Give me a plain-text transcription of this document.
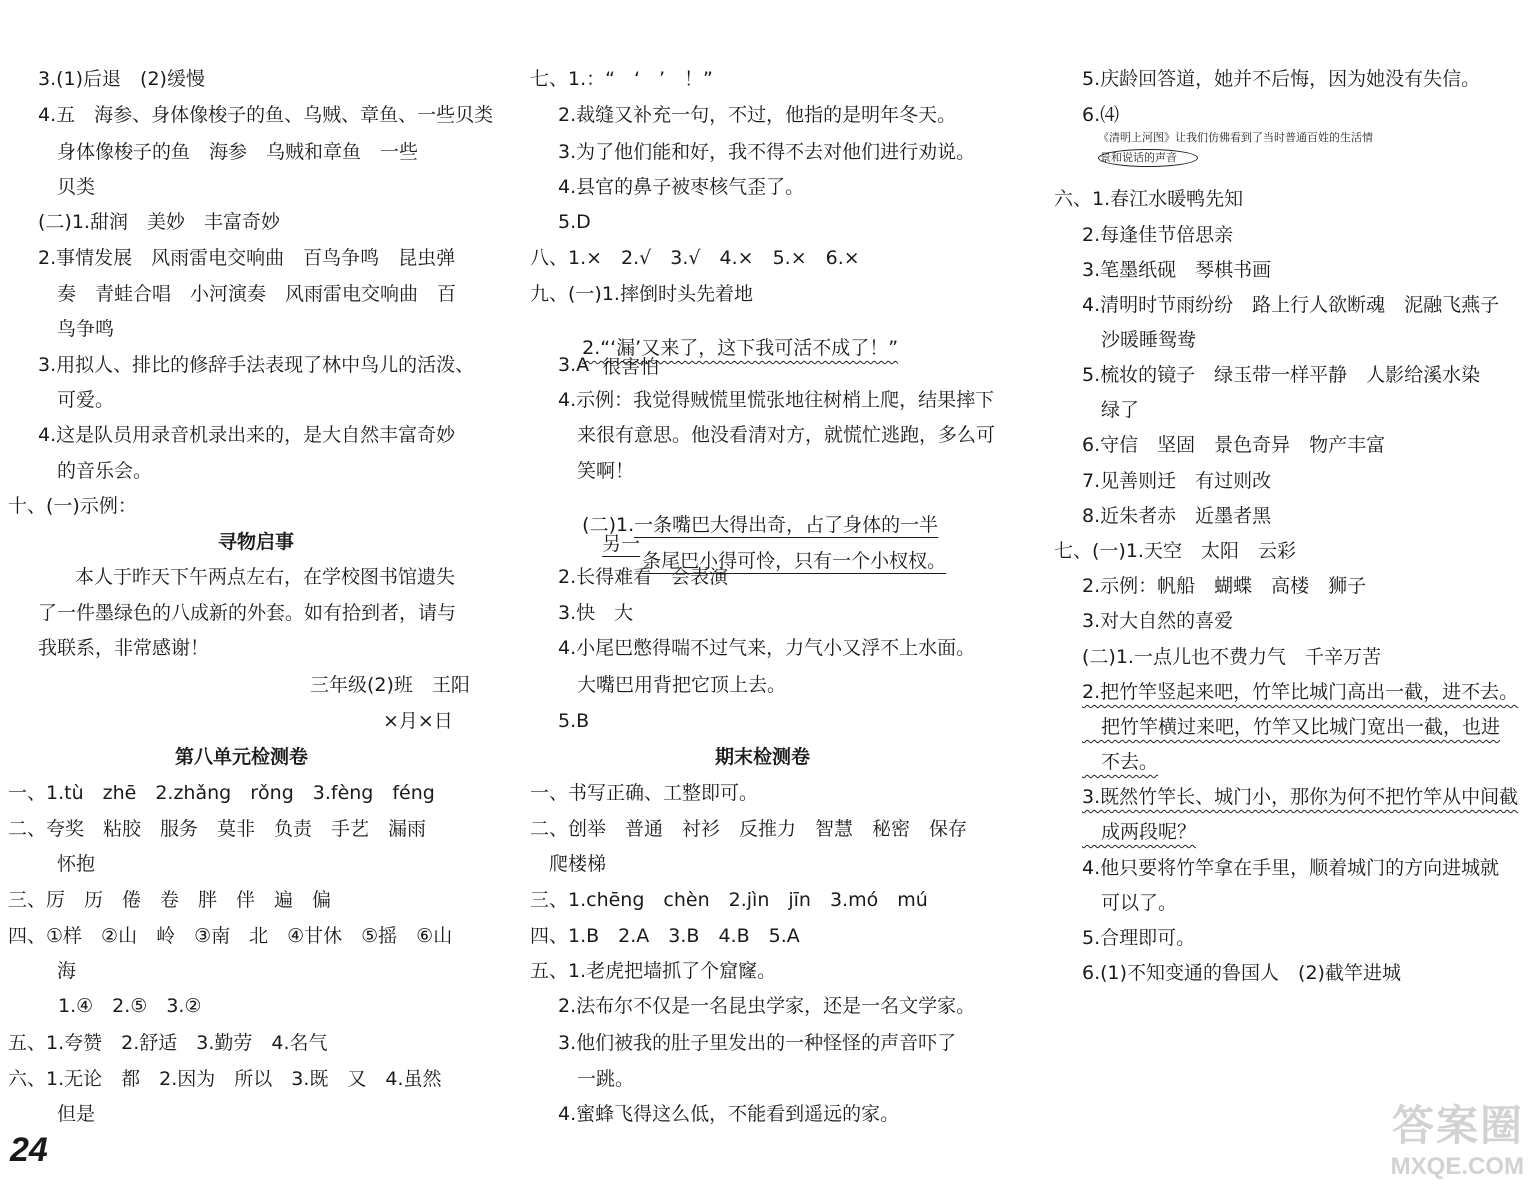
3.(1)后退　(2)缓慢
4.五　海参、身体像梭子的鱼、乌贼、章鱼、一些贝类
　身体像梭子的鱼　海参　乌贼和章鱼　一些
　贝类
(二)1.甜润　美妙　丰富奇妙
2.事情发展　风雨雷电交响曲　百鸟争鸣　昆虫弹
　奏　青蛙合唱　小河演奏　风雨雷电交响曲　百
　鸟争鸣
3.用拟人、排比的修辞手法表现了林中鸟儿的活泼、
　可爱。
4.这是队员用录音机录出来的，是大自然丰富奇妙
　的音乐会。
十、(一)示例：
寻物启事
本人于昨天下午两点左右，在学校图书馆遗失
了一件墨绿色的八成新的外套。如有拾到者，请与
我联系，非常感谢！
三年级(2)班　王阳
×月×日
第八单元检测卷
一、1.tù　zhē　2.zhǎng　rǒng　3.fèng　féng
二、夸奖　粘胶　服务　莫非　负责　手艺　漏雨
　怀抱
三、厉　历　倦　卷　胖　伴　遍　偏
四、①样　②山　岭　③南　北　④甘休　⑤摇　⑥山
　海
1.④　2.⑤　3.②
五、1.夸赞　2.舒适　3.勤劳　4.名气
六、1.无论　都　2.因为　所以　3.既　又　4.虽然
　但是
七、1.：“　‘　’　！”
2.裁缝又补充一句，不过，他指的是明年冬天。
3.为了他们能和好，我不得不去对他们进行劝说。
4.县官的鼻子被枣核气歪了。
5.D
八、1.×　2.√　3.√　4.×　5.×　6.×
九、(一)1.摔倒时头先着地

2.“‘漏’又来了，这下我可活不成了！”
很害怕

3.A
4.示例：我觉得贼慌里慌张地往树梢上爬，结果摔下
　来很有意思。他没看清对方，就慌忙逃跑，多么可
　笑啊！

(二)1.一条嘴巴大得出奇，占了身体的一半
另一

条尾巴小得可怜，只有一个小杈杈。

2.长得难看　会表演
3.快　大
4.小尾巴憋得喘不过气来，力气小又浮不上水面。
　大嘴巴用背把它顶上去。
5.B
期末检测卷
一、书写正确、工整即可。
二、创举　普通　衬衫　反推力　智慧　秘密　保存
　爬楼梯
三、1.chēng　chèn　2.jìn　jīn　3.mó　mú
四、1.B　2.A　3.B　4.B　5.A
五、1.老虎把墙抓了个窟窿。
2.法布尔不仅是一名昆虫学家，还是一名文学家。
3.他们被我的肚子里发出的一种怪怪的声音吓了
　一跳。
4.蜜蜂飞得这么低，不能看到遥远的家。
5.庆龄回答道，她并不后悔，因为她没有失信。
6.⑷
《清明上河图》让我们仿佛看到了当时普通百姓的生活情
景和说话的声音
六、1.春江水暖鸭先知
2.每逢佳节倍思亲
3.笔墨纸砚　琴棋书画
4.清明时节雨纷纷　路上行人欲断魂　泥融飞燕子
　沙暖睡鸳鸯
5.梳妆的镜子　绿玉带一样平静　人影给溪水染
　绿了
6.守信　坚固　景色奇异　物产丰富
7.见善则迁　有过则改
8.近朱者赤　近墨者黑
七、(一)1.天空　太阳　云彩
2.示例：帆船　蝴蝶　高楼　狮子
3.对大自然的喜爱
(二)1.一点儿也不费力气　千辛万苦
2.把竹竿竖起来吧，竹竿比城门高出一截，进不去。
　把竹竿横过来吧，竹竿又比城门宽出一截，也进
　不去。
3.既然竹竿长、城门小，那你为何不把竹竿从中间截
　成两段呢？
4.他只要将竹竿拿在手里，顺着城门的方向进城就
　可以了。
5.合理即可。
6.(1)不知变通的鲁国人　(2)截竿进城
24	答案圈
MXQE.COM
